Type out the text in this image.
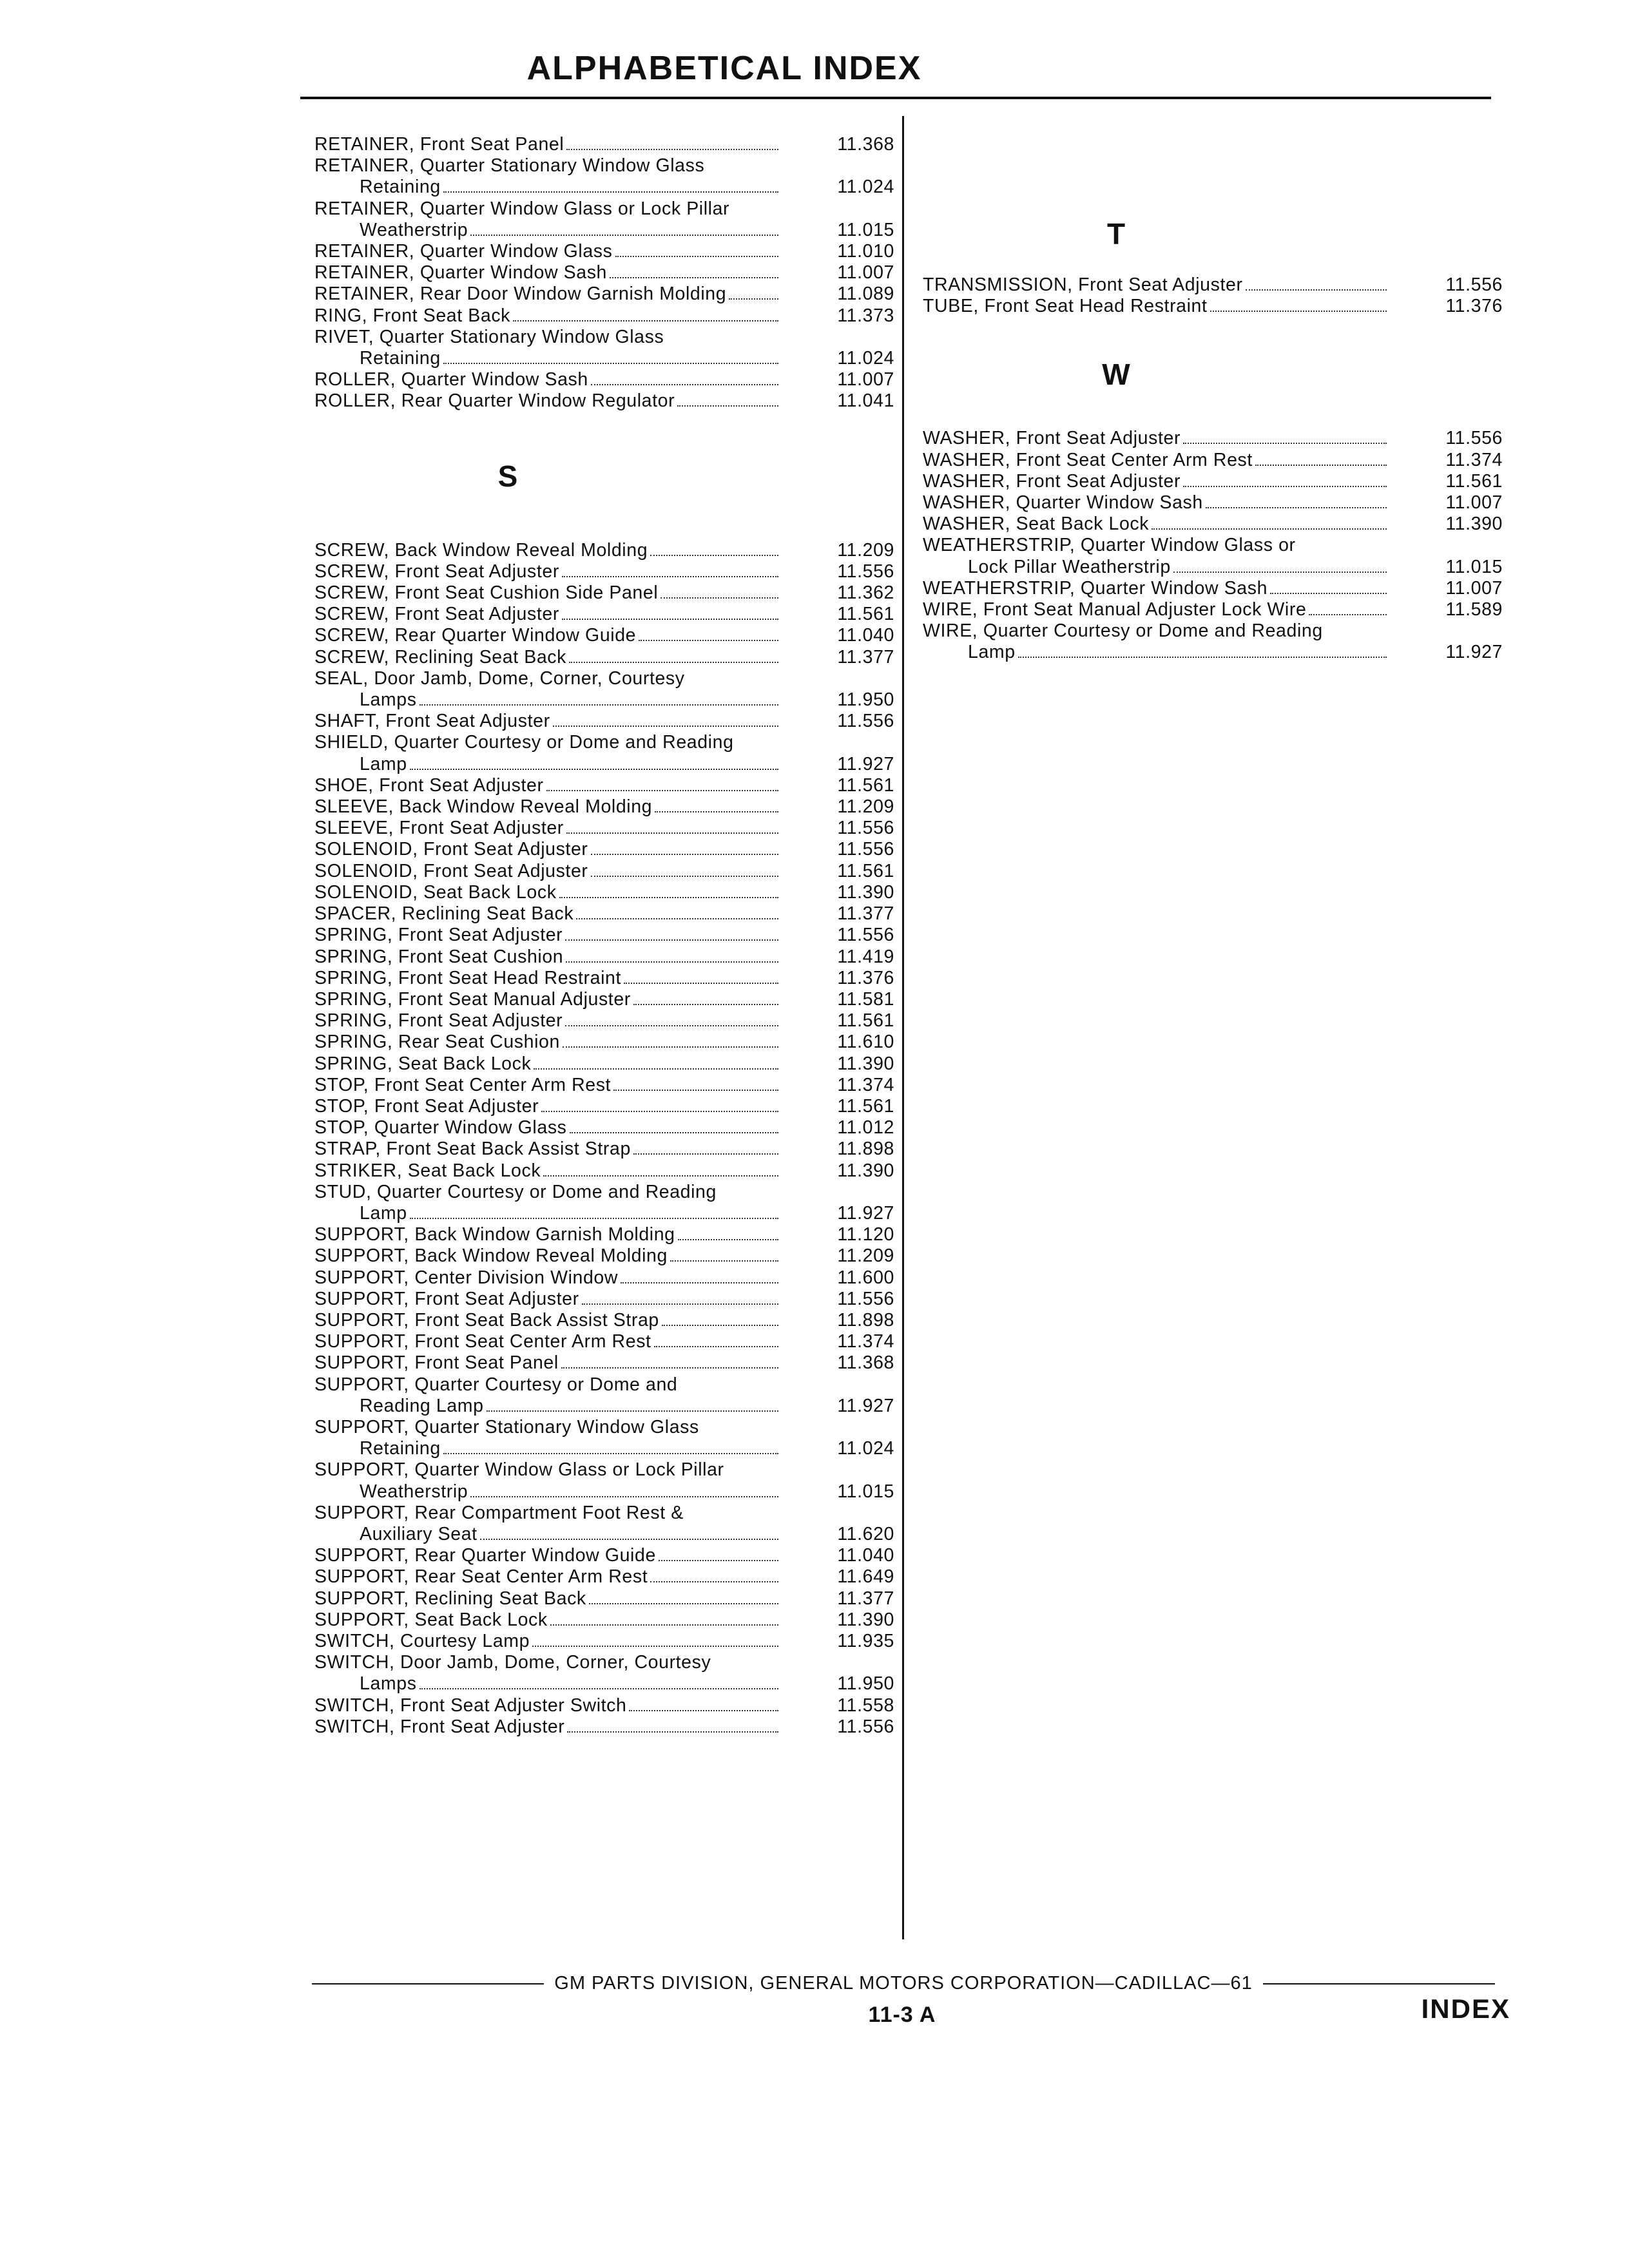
ALPHABETICAL INDEX
RETAINER, Front Seat Panel	11.368
RETAINER, Quarter Stationary Window Glass
Retaining	11.024
RETAINER, Quarter Window Glass or Lock Pillar
Weatherstrip	11.015
RETAINER, Quarter Window Glass	11.010
RETAINER, Quarter Window Sash	11.007
RETAINER, Rear Door Window Garnish Molding	11.089
RING, Front Seat Back	11.373
RIVET, Quarter Stationary Window Glass
Retaining	11.024
ROLLER, Quarter Window Sash	11.007
ROLLER, Rear Quarter Window Regulator	11.041
S
SCREW, Back Window Reveal Molding	11.209
SCREW, Front Seat Adjuster	11.556
SCREW, Front Seat Cushion Side Panel	11.362
SCREW, Front Seat Adjuster	11.561
SCREW, Rear Quarter Window Guide	11.040
SCREW, Reclining Seat Back	11.377
SEAL, Door Jamb, Dome, Corner, Courtesy
Lamps	11.950
SHAFT, Front Seat Adjuster	11.556
SHIELD, Quarter Courtesy or Dome and Reading
Lamp	11.927
SHOE, Front Seat Adjuster	11.561
SLEEVE, Back Window Reveal Molding	11.209
SLEEVE, Front Seat Adjuster	11.556
SOLENOID, Front Seat Adjuster	11.556
SOLENOID, Front Seat Adjuster	11.561
SOLENOID, Seat Back Lock	11.390
SPACER, Reclining Seat Back	11.377
SPRING, Front Seat Adjuster	11.556
SPRING, Front Seat Cushion	11.419
SPRING, Front Seat Head Restraint	11.376
SPRING, Front Seat Manual Adjuster	11.581
SPRING, Front Seat Adjuster	11.561
SPRING, Rear Seat Cushion	11.610
SPRING, Seat Back Lock	11.390
STOP, Front Seat Center Arm Rest	11.374
STOP, Front Seat Adjuster	11.561
STOP, Quarter Window Glass	11.012
STRAP, Front Seat Back Assist Strap	11.898
STRIKER, Seat Back Lock	11.390
STUD, Quarter Courtesy or Dome and Reading
Lamp	11.927
SUPPORT, Back Window Garnish Molding	11.120
SUPPORT, Back Window Reveal Molding	11.209
SUPPORT, Center Division Window	11.600
SUPPORT, Front Seat Adjuster	11.556
SUPPORT, Front Seat Back Assist Strap	11.898
SUPPORT, Front Seat Center Arm Rest	11.374
SUPPORT, Front Seat Panel	11.368
SUPPORT, Quarter Courtesy or Dome and
Reading Lamp	11.927
SUPPORT, Quarter Stationary Window Glass
Retaining	11.024
SUPPORT, Quarter Window Glass or Lock Pillar
Weatherstrip	11.015
SUPPORT, Rear Compartment Foot Rest &
Auxiliary Seat	11.620
SUPPORT, Rear Quarter Window Guide	11.040
SUPPORT, Rear Seat Center Arm Rest	11.649
SUPPORT, Reclining Seat Back	11.377
SUPPORT, Seat Back Lock	11.390
SWITCH, Courtesy Lamp	11.935
SWITCH, Door Jamb, Dome, Corner, Courtesy
Lamps	11.950
SWITCH, Front Seat Adjuster Switch	11.558
SWITCH, Front Seat Adjuster	11.556
T
TRANSMISSION, Front Seat Adjuster	11.556
TUBE, Front Seat Head Restraint	11.376
W
WASHER, Front Seat Adjuster	11.556
WASHER, Front Seat Center Arm Rest	11.374
WASHER, Front Seat Adjuster	11.561
WASHER, Quarter Window Sash	11.007
WASHER, Seat Back Lock	11.390
WEATHERSTRIP, Quarter Window Glass or
Lock Pillar Weatherstrip	11.015
WEATHERSTRIP, Quarter Window Sash	11.007
WIRE, Front Seat Manual Adjuster Lock Wire	11.589
WIRE, Quarter Courtesy or Dome and Reading
Lamp	11.927
GM PARTS DIVISION, GENERAL MOTORS CORPORATION—CADILLAC—61
11-3 A	INDEX
